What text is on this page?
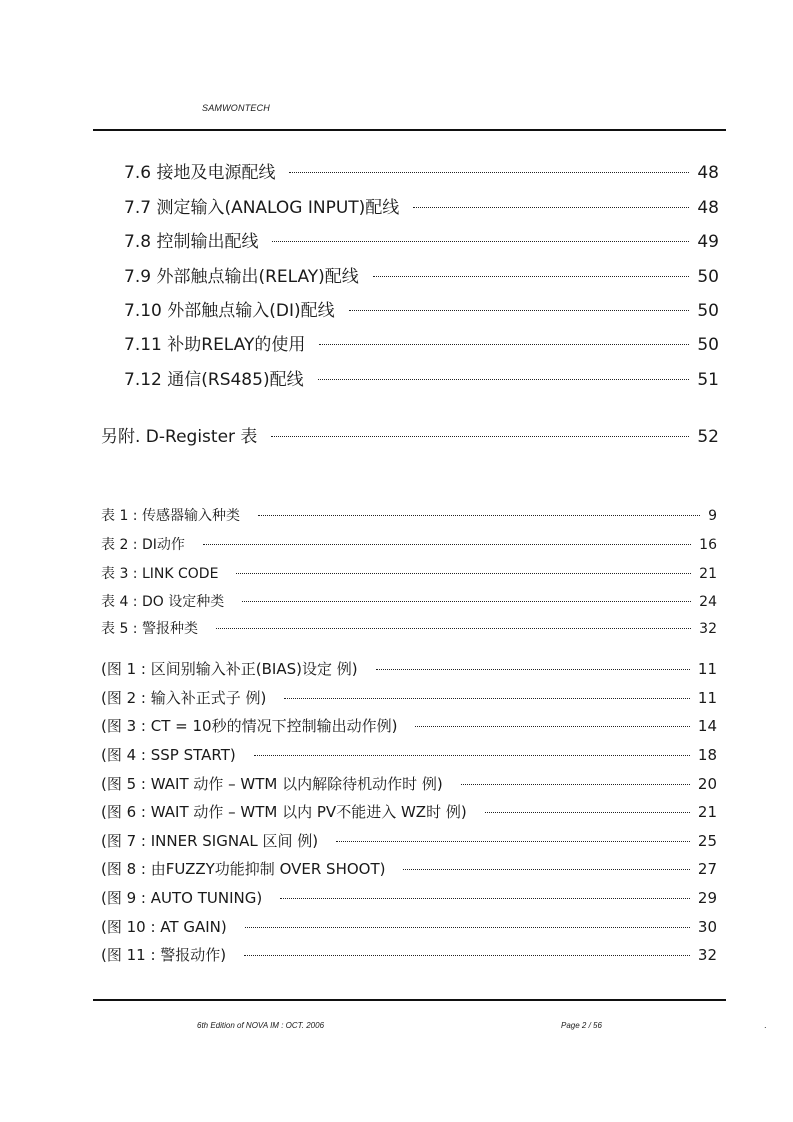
SAMWONTECH
7.6 接地及电源配线	48
7.7 测定输入(ANALOG INPUT)配线	48
7.8 控制输出配线	49
7.9 外部触点输出(RELAY)配线	50
7.10 外部触点输入(DI)配线	50
7.11 补助RELAY的使用	50
7.12 通信(RS485)配线	51
另附. D-Register 表	52
表 1 : 传感器输入种类	9
表 2 : DI动作	16
表 3 : LINK CODE	21
表 4 : DO 设定种类	24
表 5 : 警报种类	32
(图 1 : 区间别输入补正(BIAS)设定 例)	11
(图 2 : 输入补正式子 例)	11
(图 3 : CT = 10秒的情况下控制输出动作例)	14
(图 4 : SSP START)	18
(图 5 : WAIT 动作 – WTM 以内解除待机动作时 例)	20
(图 6 : WAIT 动作 – WTM 以内 PV不能进入 WZ时 例)	21
(图 7 : INNER SIGNAL 区间 例)	25
(图 8 : 由FUZZY功能抑制 OVER SHOOT)	27
(图 9 : AUTO TUNING)	29
(图 10 : AT GAIN)	30
(图 11 : 警报动作)	32
6th Edition of NOVA IM : OCT. 2006	Page 2 / 56	.
